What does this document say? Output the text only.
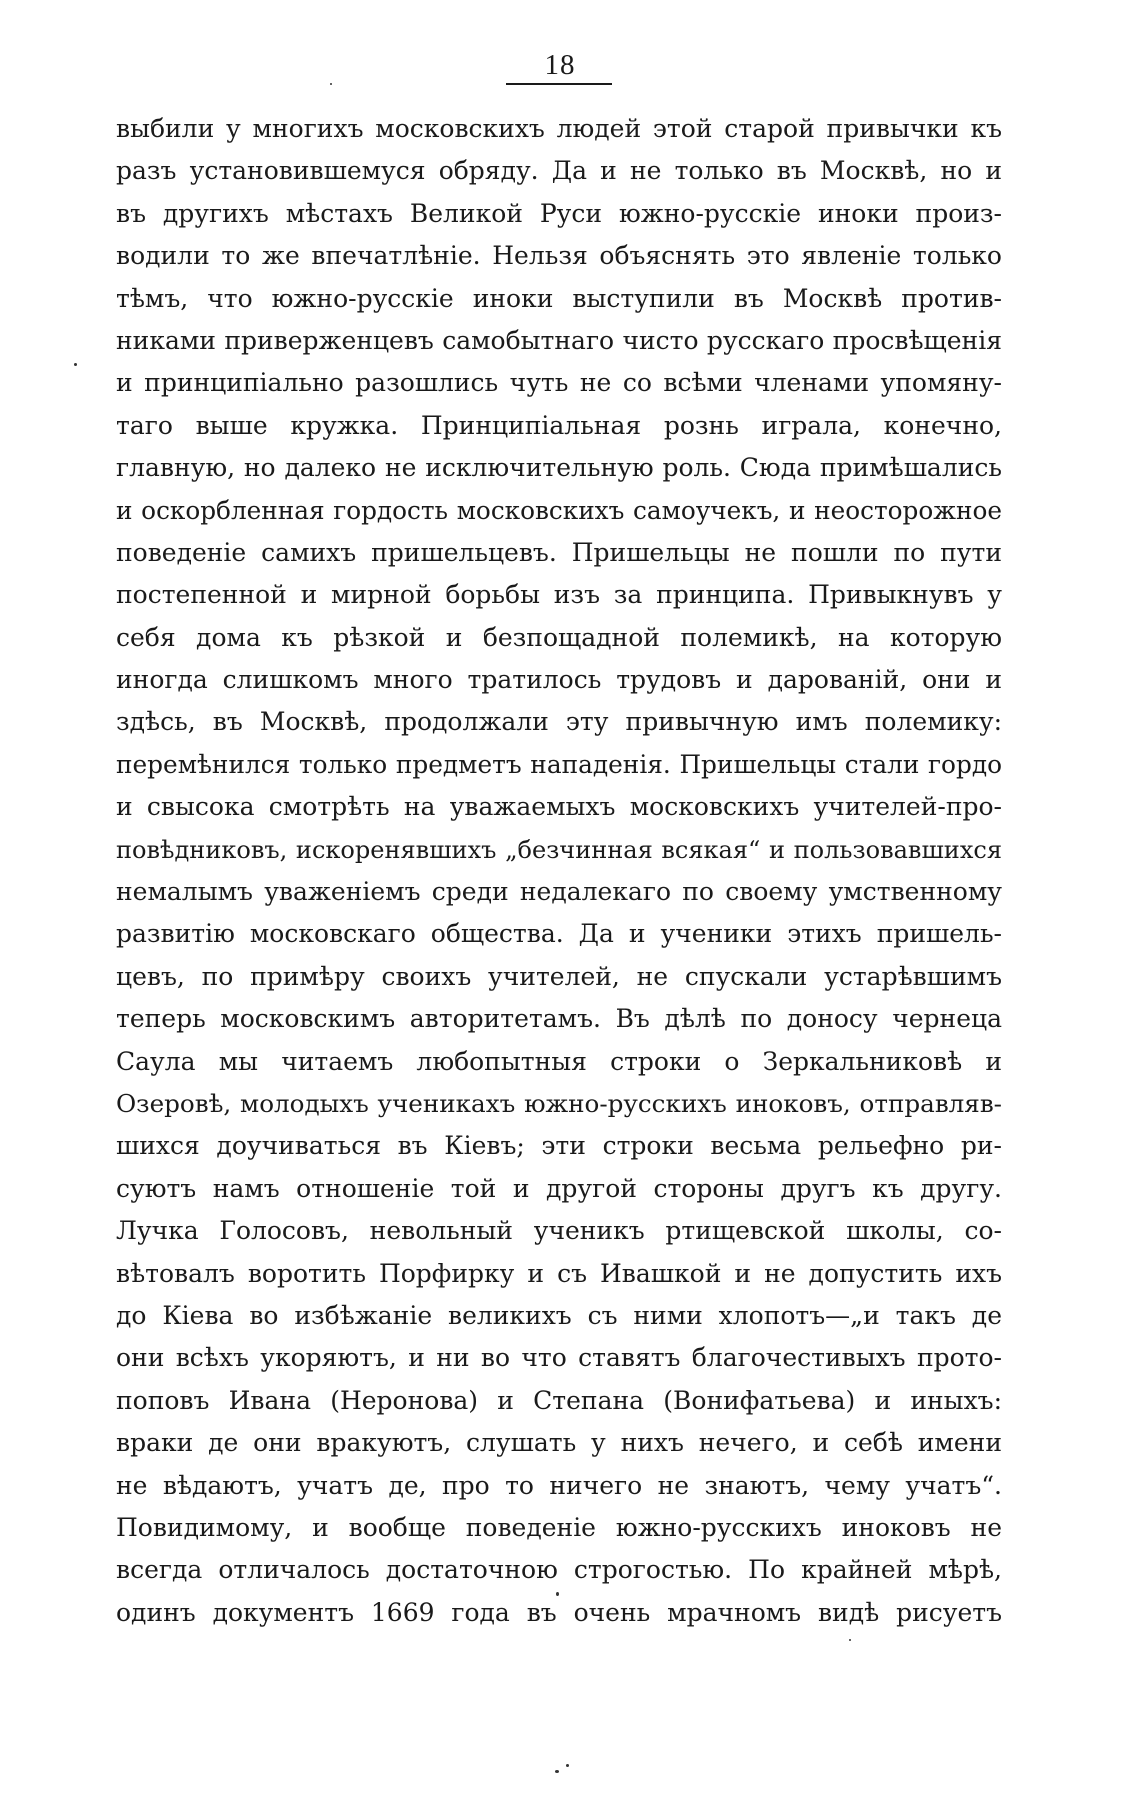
18
выбили у многихъ московскихъ людей этой старой привычки къ
разъ установившемуся обряду. Да и не только въ Москвѣ, но и
въ другихъ мѣстахъ Великой Руси южно-русскіе иноки произ-
водили то же впечатлѣніе. Нельзя объяснять это явленіе только
тѣмъ, что южно-русскіе иноки выступили въ Москвѣ против-
никами приверженцевъ самобытнаго чисто русскаго просвѣщенія
и принципіально разошлись чуть не со всѣми членами упомяну-
таго выше кружка. Принципіальная рознь играла, конечно,
главную, но далеко не исключительную роль. Сюда примѣшались
и оскорбленная гордость московскихъ самоучекъ, и неосторожное
поведеніе самихъ пришельцевъ. Пришельцы не пошли по пути
постепенной и мирной борьбы изъ за принципа. Привыкнувъ у
себя дома къ рѣзкой и безпощадной полемикѣ, на которую
иногда слишкомъ много тратилось трудовъ и дарованій, они и
здѣсь, въ Москвѣ, продолжали эту привычную имъ полемику:
перемѣнился только предметъ нападенія. Пришельцы стали гордо
и свысока смотрѣть на уважаемыхъ московскихъ учителей-про-
повѣдниковъ, искоренявшихъ „безчинная всякая“ и пользовавшихся
немалымъ уваженіемъ среди недалекаго по своему умственному
развитію московскаго общества. Да и ученики этихъ пришель-
цевъ, по примѣру своихъ учителей, не спускали устарѣвшимъ
теперь московскимъ авторитетамъ. Въ дѣлѣ по доносу чернеца
Саула мы читаемъ любопытныя строки о Зеркальниковѣ и
Озеровѣ, молодыхъ ученикахъ южно-русскихъ иноковъ, отправляв-
шихся доучиваться въ Кіевъ; эти строки весьма рельефно ри-
суютъ намъ отношеніе той и другой стороны другъ къ другу.
Лучка Голосовъ, невольный ученикъ ртищевской школы, со-
вѣтовалъ воротить Порфирку и съ Ивашкой и не допустить ихъ
до Кіева во избѣжаніе великихъ съ ними хлопотъ—„и такъ де
они всѣхъ укоряютъ, и ни во что ставятъ благочестивыхъ прото-
поповъ Ивана (Неронова) и Степана (Вонифатьева) и иныхъ:
враки де они вракуютъ, слушать у нихъ нечего, и себѣ имени
не вѣдаютъ, учатъ де, про то ничего не знаютъ, чему учатъ“.
Повидимому, и вообще поведеніе южно-русскихъ иноковъ не
всегда отличалось достаточною строгостью. По крайней мѣрѣ,
одинъ документъ 1669 года въ очень мрачномъ видѣ рисуетъ
